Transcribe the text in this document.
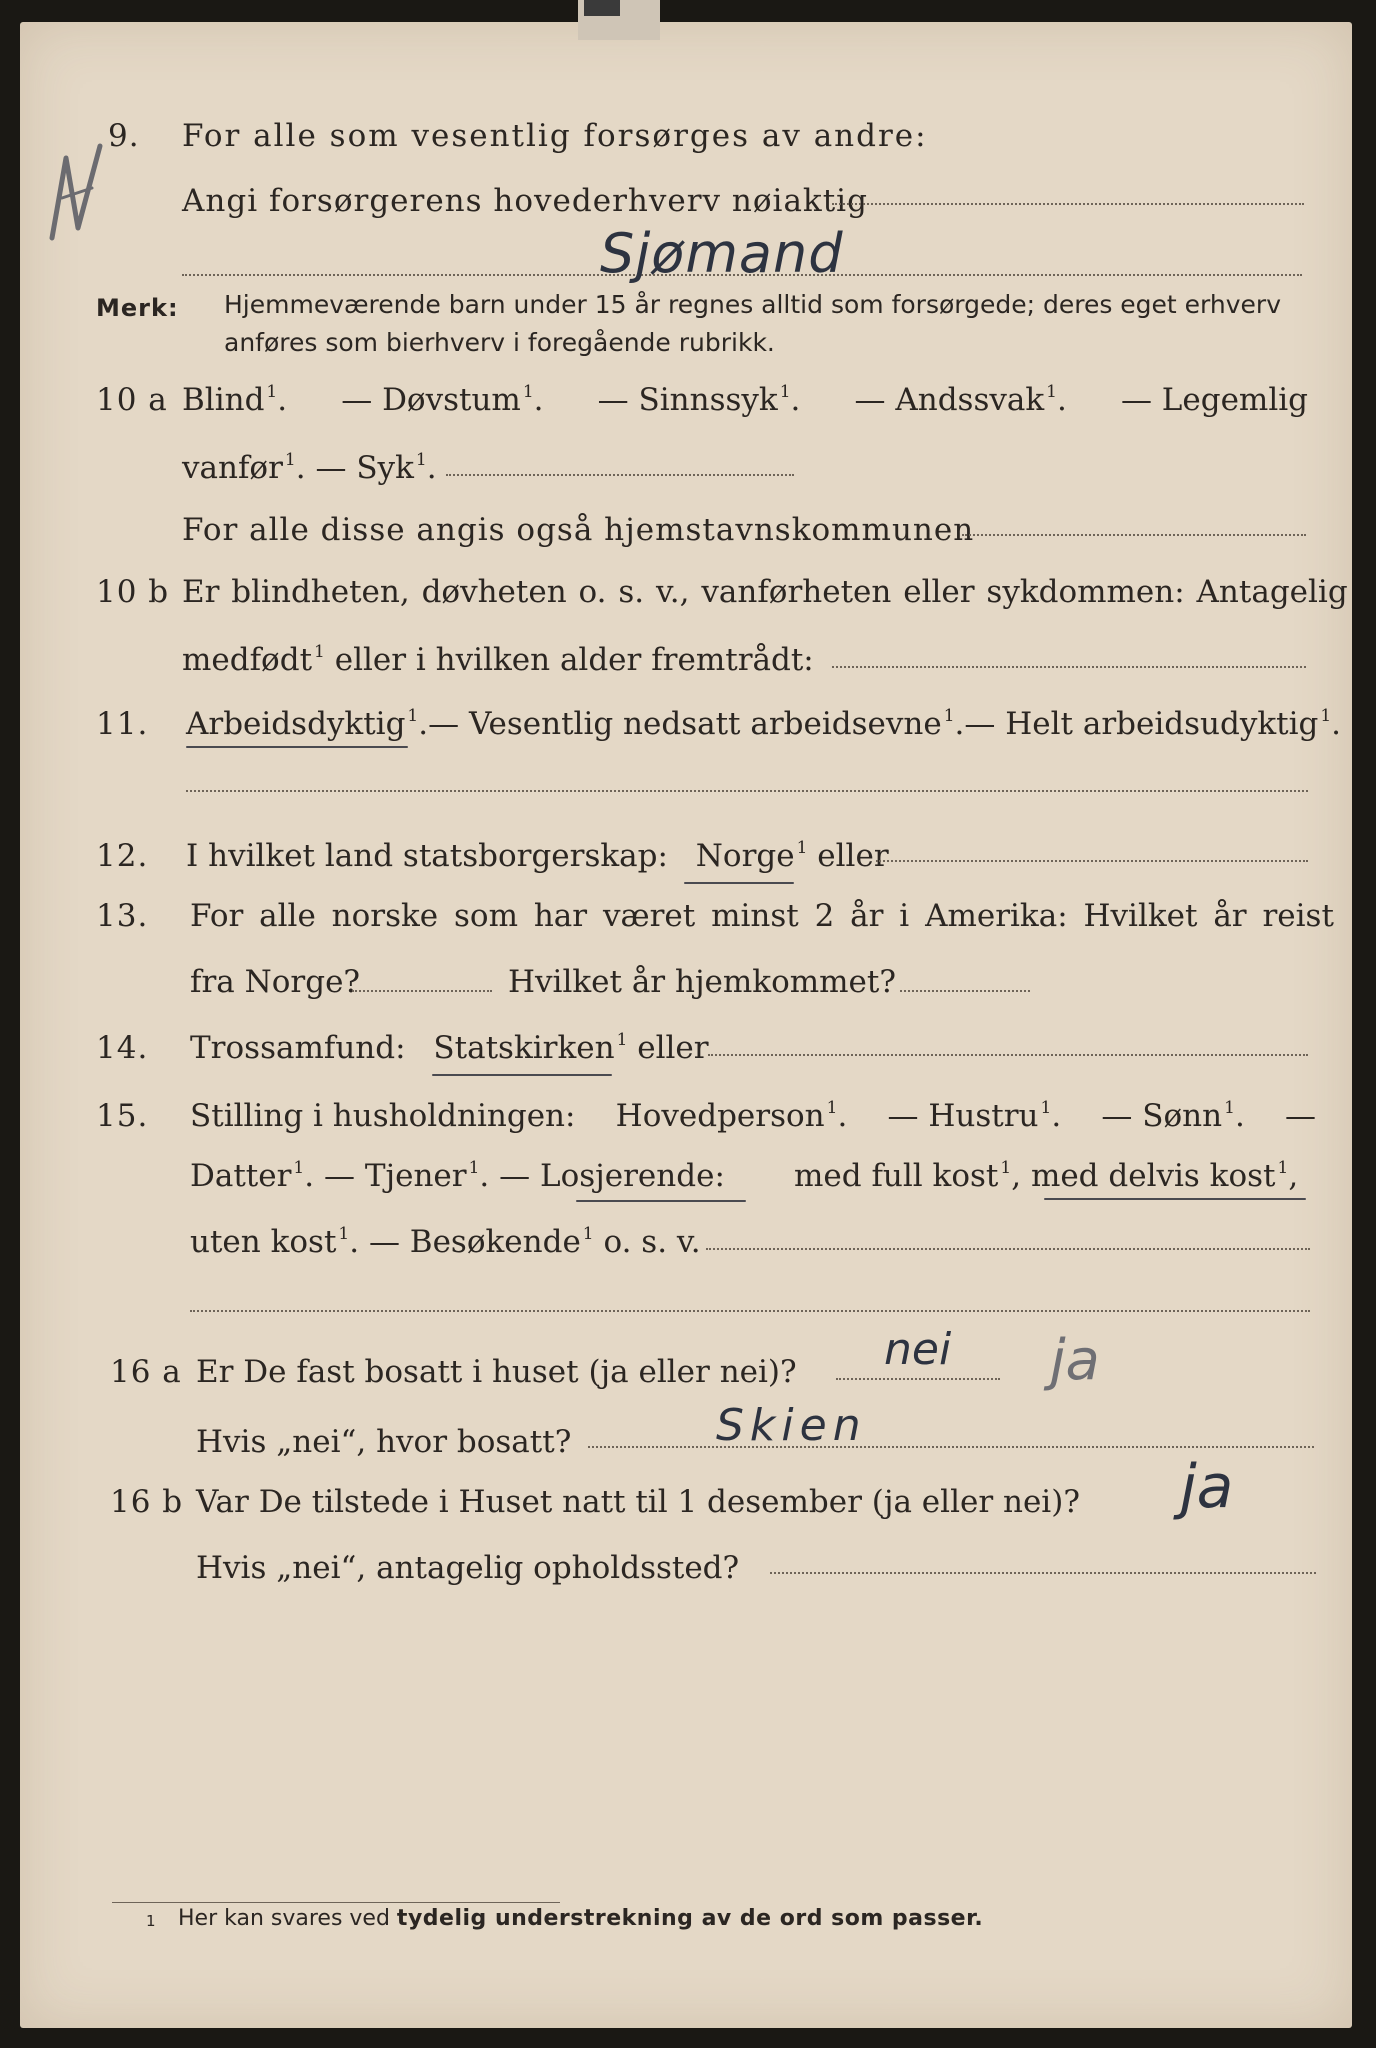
9. For alle som vesentlig forsørges av andre:
Angi forsørgerens hovederhverv nøiaktig
Sjømand
Merk: Hjemmeværende barn under 15 år regnes alltid som forsørgede; deres eget erhverv
anføres som bierhverv i foregående rubrikk.
10 a Blind $^1$. — Døvstum $^1$. — Sinnssyk $^1$. — Andssvak $^1$. — Legemlig
vanfør $^1$. — Syk $^1$.
For alle disse angis også hjemstavnskommunen
10 b Er blindheten, døvheten o. s. v., vanførheten eller sykdommen: Antagelig
medfødt $^1$ eller i hvilken alder fremtrådt:
11. Arbeidsdyktig $^1$. — Vesentlig nedsatt arbeidsevne $^1$. — Helt arbeidsudyktig $^1$.
12. I hvilket land statsborgerskap: Norge $^1$ eller
13. For alle norske som har været minst 2 år i Amerika: Hvilket år reist
fra Norge?	Hvilket år hjemkommet?
14. Trossamfund: Statskirken $^1$ eller
15. Stilling i husholdningen: Hovedperson $^1$. — Hustru $^1$. — Sønn $^1$. —
Datter $^1$. — Tjener $^1$. — Losjerende: med full kost $^1$, med delvis kost $^1$,
uten kost $^1$. — Besøkende $^1$ o. s. v.
16 a Er De fast bosatt i huset (ja eller nei)? nei ja
Hvis „nei“, hvor bosatt?	Skien
16 b Var De tilstede i Huset natt til 1 desember (ja eller nei)? ja
Hvis „nei“, antagelig opholdssted?
1 Her kan svares ved tydelig understrekning av de ord som passer.
